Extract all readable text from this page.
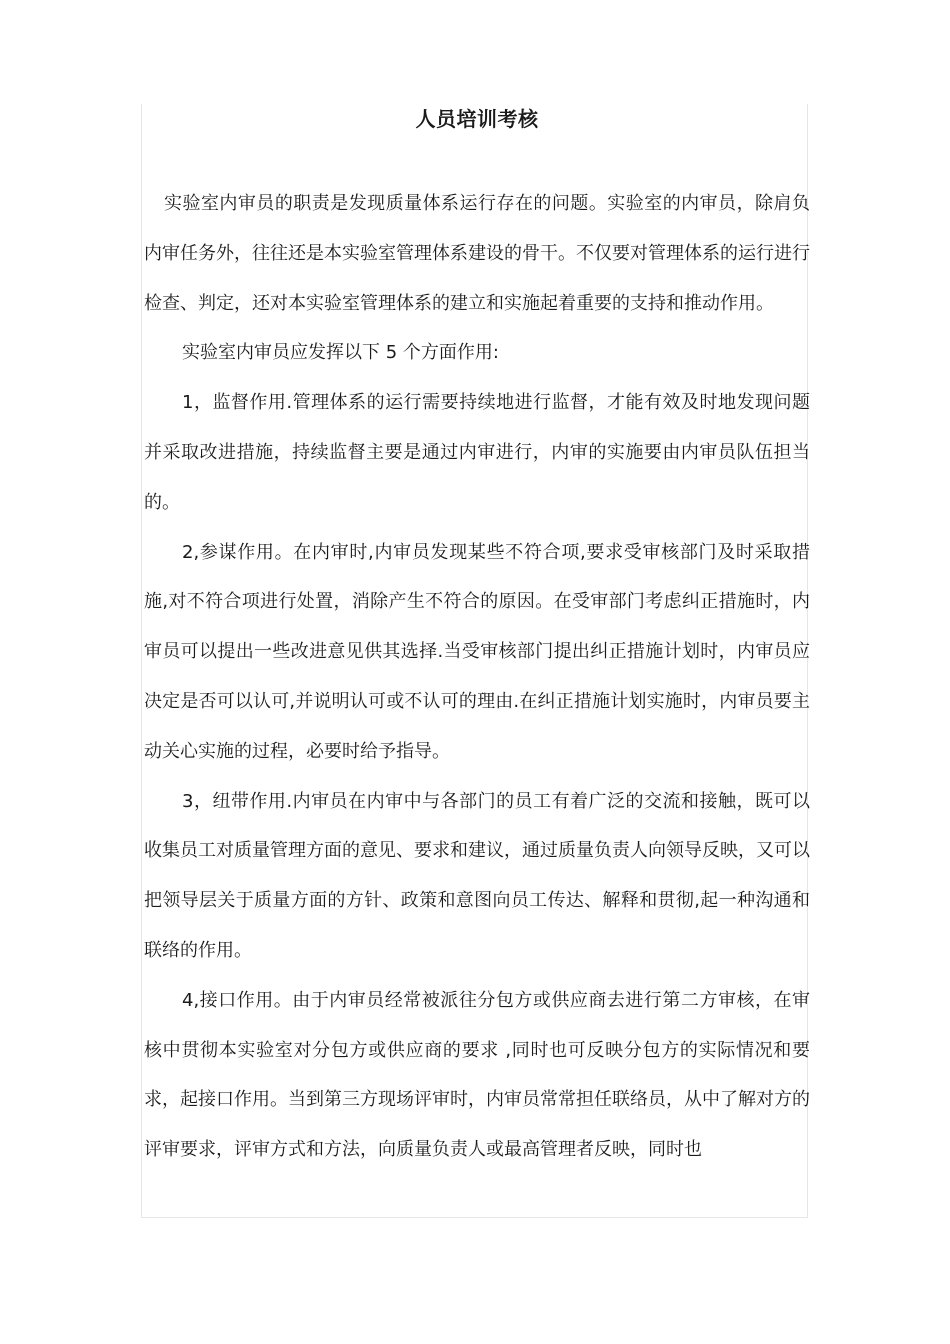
人员培训考核

实验室内审员的职责是发现质量体系运行存在的问题。实验室的内审员，除肩负内审任务外，往往还是本实验室管理体系建设的骨干。不仅要对管理体系的运行进行检查、判定，还对本实验室管理体系的建立和实施起着重要的支持和推动作用。

实验室内审员应发挥以下 5 个方面作用:

1，监督作用.管理体系的运行需要持续地进行监督，才能有效及时地发现问题并采取改进措施，持续监督主要是通过内审进行，内审的实施要由内审员队伍担当的。

2,参谋作用。在内审时,内审员发现某些不符合项,要求受审核部门及时采取措施,对不符合项进行处置，消除产生不符合的原因。在受审部门考虑纠正措施时，内审员可以提出一些改进意见供其选择.当受审核部门提出纠正措施计划时，内审员应决定是否可以认可,并说明认可或不认可的理由.在纠正措施计划实施时，内审员要主动关心实施的过程，必要时给予指导。

3，纽带作用.内审员在内审中与各部门的员工有着广泛的交流和接触，既可以收集员工对质量管理方面的意见、要求和建议，通过质量负责人向领导反映，又可以把领导层关于质量方面的方针、政策和意图向员工传达、解释和贯彻,起一种沟通和联络的作用。

4,接口作用。由于内审员经常被派往分包方或供应商去进行第二方审核，在审核中贯彻本实验室对分包方或供应商的要求 ,同时也可反映分包方的实际情况和要求，起接口作用。当到第三方现场评审时，内审员常常担任联络员，从中了解对方的评审要求，评审方式和方法，向质量负责人或最高管理者反映，同时也
